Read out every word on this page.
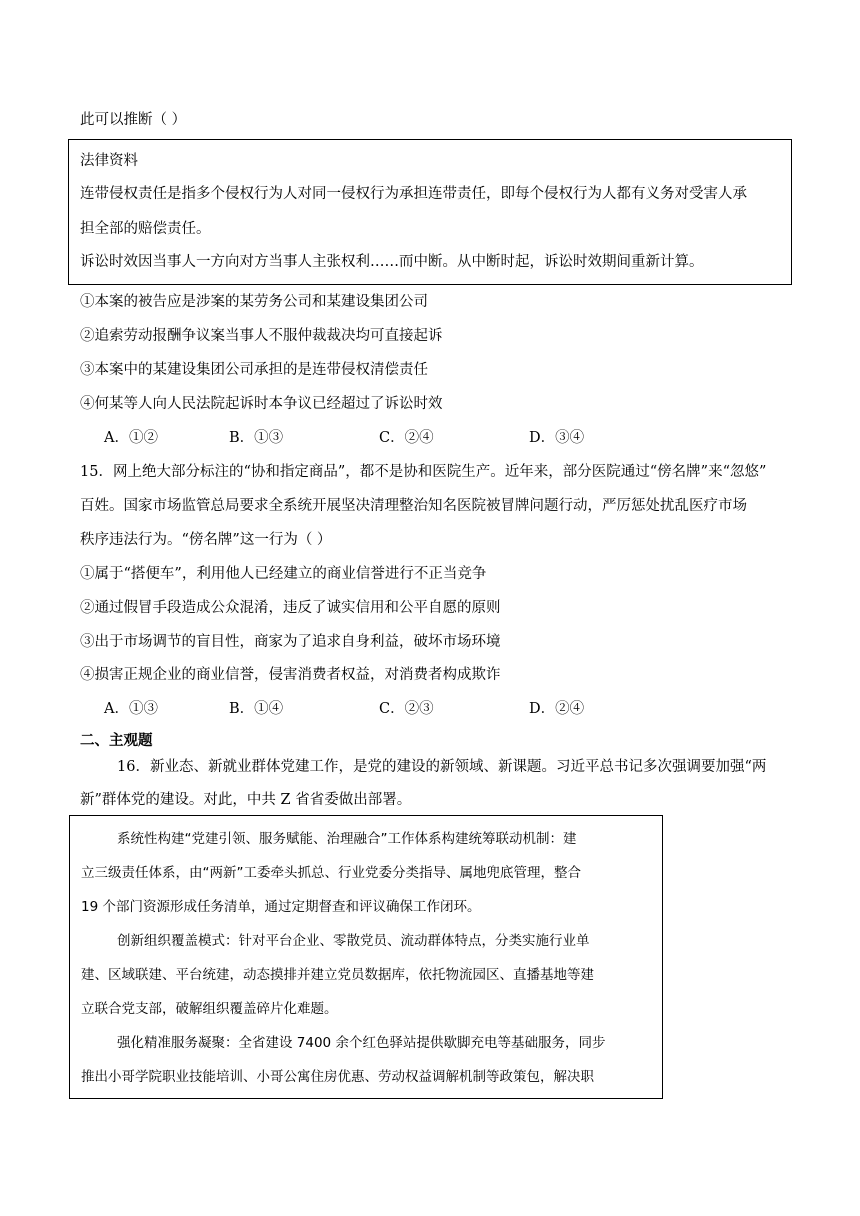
此可以推断（ ）
法律资料
连带侵权责任是指多个侵权行为人对同一侵权行为承担连带责任，即每个侵权行为人都有义务对受害人承
担全部的赔偿责任。
诉讼时效因当事人一方向对方当事人主张权利……而中断。从中断时起，诉讼时效期间重新计算。
①本案的被告应是涉案的某劳务公司和某建设集团公司
②追索劳动报酬争议案当事人不服仲裁裁决均可直接起诉
③本案中的某建设集团公司承担的是连带侵权清偿责任
④何某等人向人民法院起诉时本争议已经超过了诉讼时效
A．①②	B．①③	C．②④	D．③④
15．网上绝大部分标注的“协和指定商品”，都不是协和医院生产。近年来，部分医院通过“傍名牌”来“忽悠”
百姓。国家市场监管总局要求全系统开展坚决清理整治知名医院被冒牌问题行动，严厉惩处扰乱医疗市场
秩序违法行为。“傍名牌”这一行为（ ）
①属于“搭便车”，利用他人已经建立的商业信誉进行不正当竞争
②通过假冒手段造成公众混淆，违反了诚实信用和公平自愿的原则
③出于市场调节的盲目性，商家为了追求自身利益，破坏市场环境
④损害正规企业的商业信誉，侵害消费者权益，对消费者构成欺诈
A．①③	B．①④	C．②③	D．②④
二、主观题
16．新业态、新就业群体党建工作，是党的建设的新领域、新课题。习近平总书记多次强调要加强“两
新”群体党的建设。对此，中共 Z 省省委做出部署。
系统性构建“党建引领、服务赋能、治理融合”工作体系构建统筹联动机制：建
立三级责任体系，由“两新”工委牵头抓总、行业党委分类指导、属地兜底管理，整合
19 个部门资源形成任务清单，通过定期督查和评议确保工作闭环。
创新组织覆盖模式：针对平台企业、零散党员、流动群体特点，分类实施行业单
建、区域联建、平台统建，动态摸排并建立党员数据库，依托物流园区、直播基地等建
立联合党支部，破解组织覆盖碎片化难题。
强化精准服务凝聚：全省建设 7400 余个红色驿站提供歇脚充电等基础服务，同步
推出小哥学院职业技能培训、小哥公寓住房优惠、劳动权益调解机制等政策包，解决职
